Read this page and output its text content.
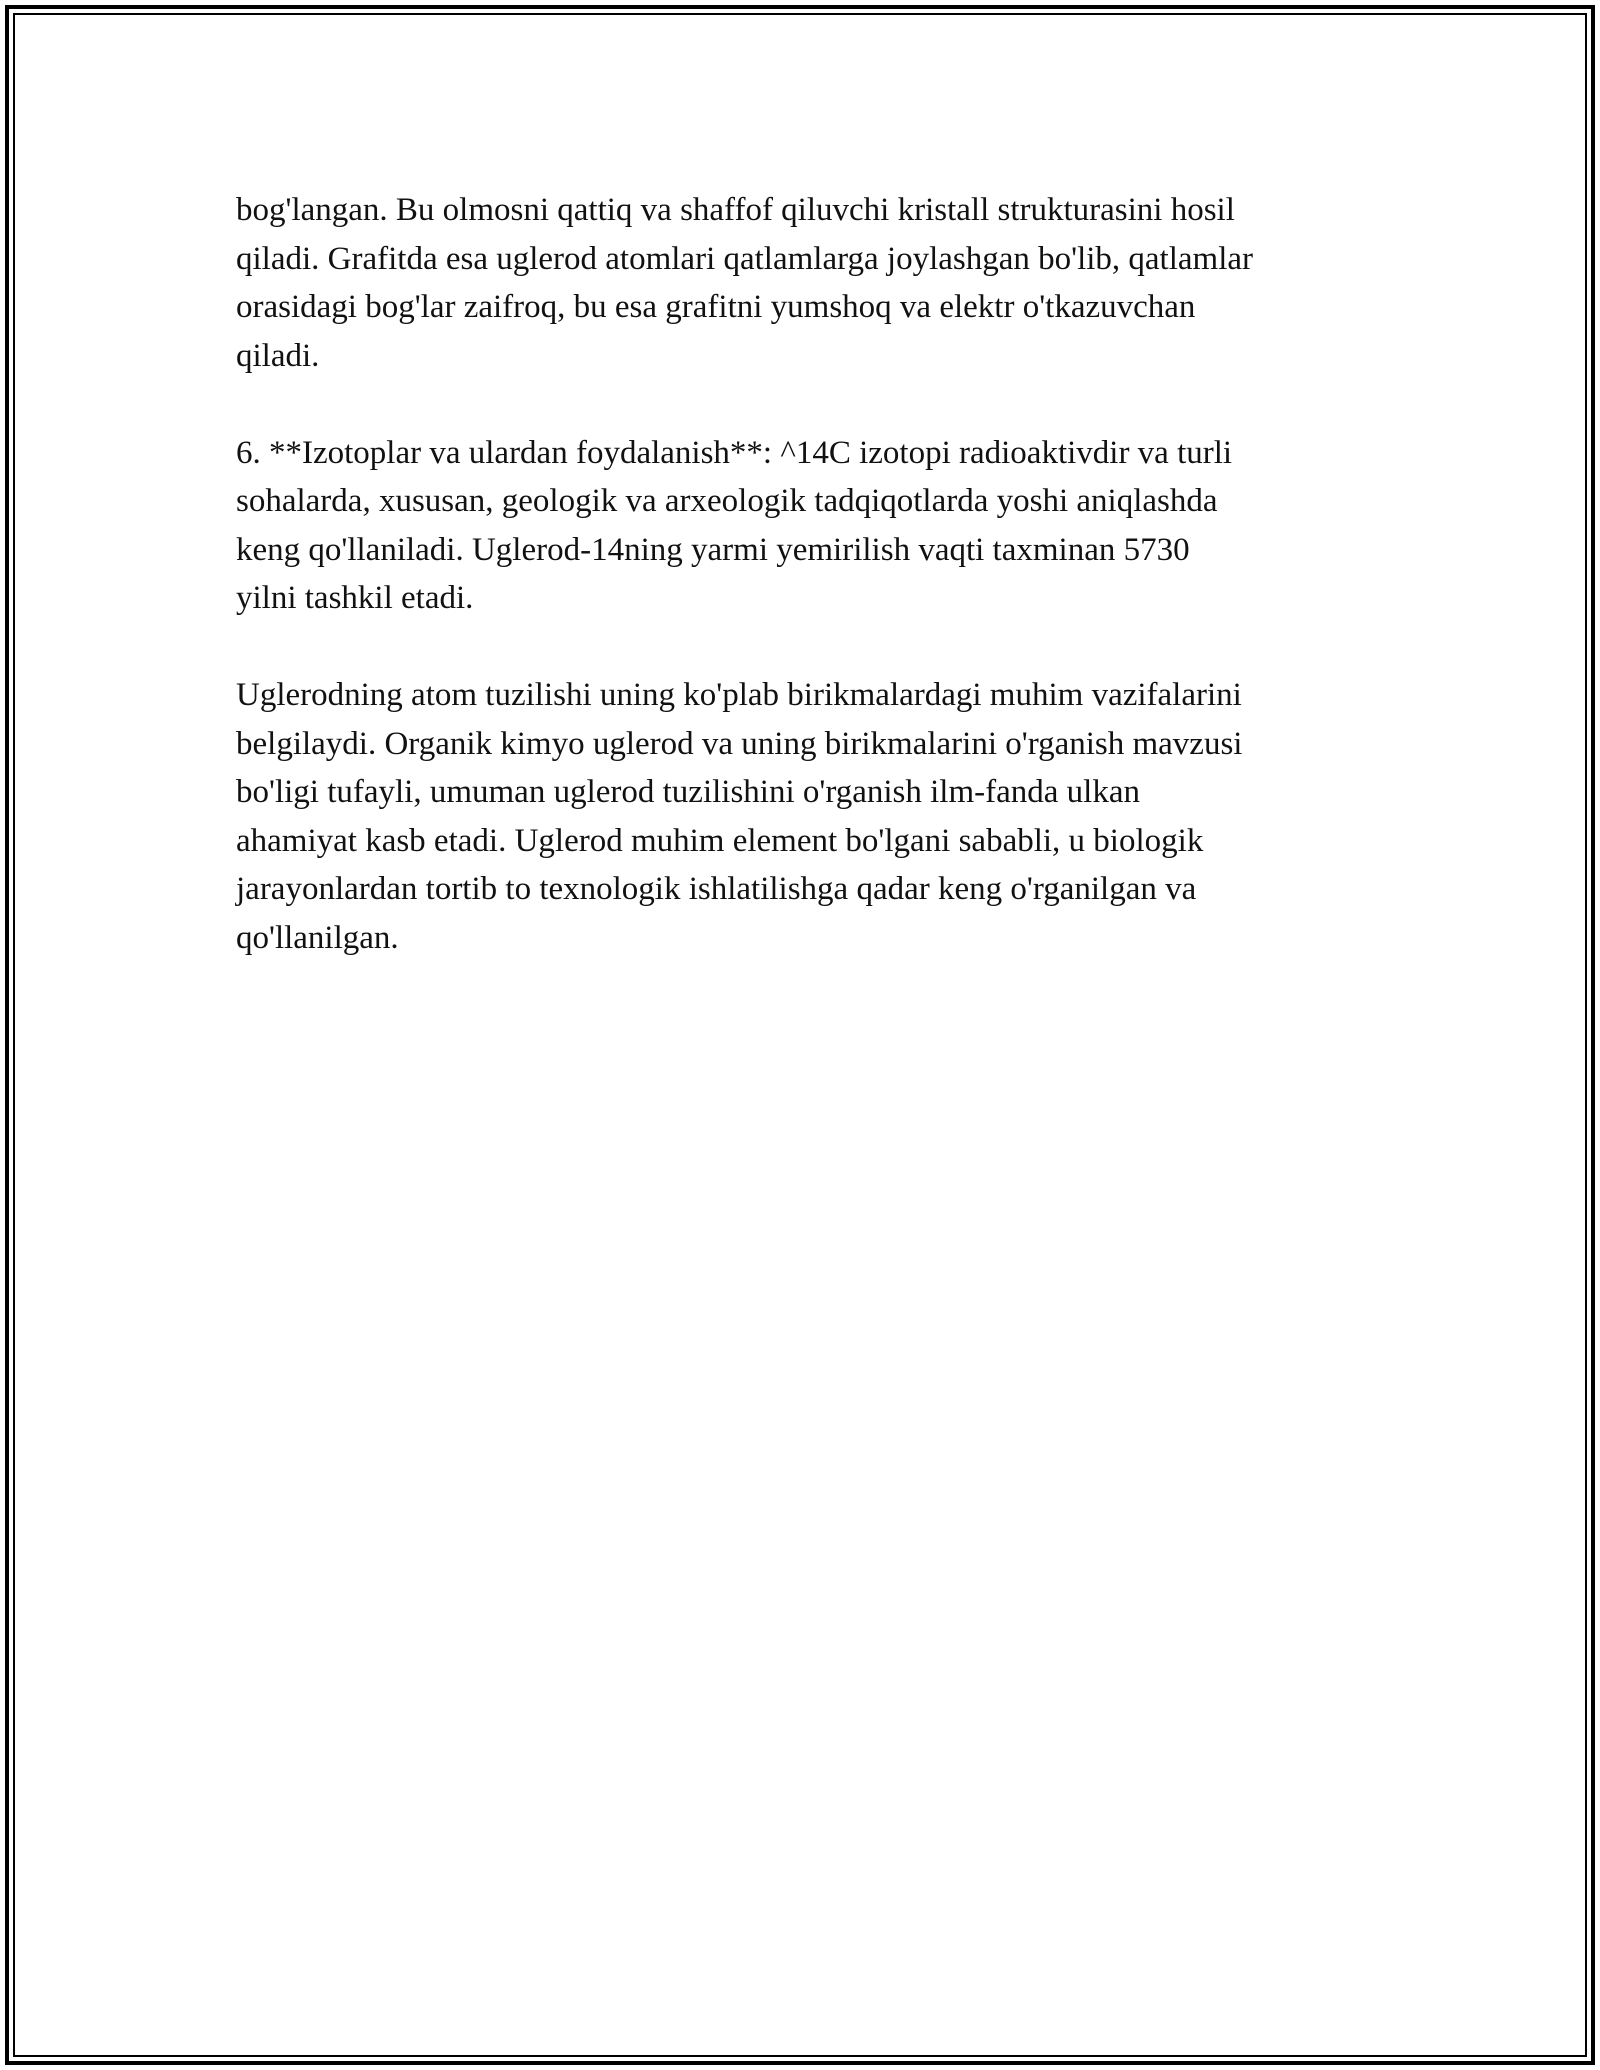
bog'langan. Bu olmosni qattiq va shaffof qiluvchi kristall strukturasini hosil
qiladi. Grafitda esa uglerod atomlari qatlamlarga joylashgan bo'lib, qatlamlar
orasidagi bog'lar zaifroq, bu esa grafitni yumshoq va elektr o'tkazuvchan
qiladi.

6. **Izotoplar va ulardan foydalanish**: ^14C izotopi radioaktivdir va turli
sohalarda, xususan, geologik va arxeologik tadqiqotlarda yoshi aniqlashda
keng qo'llaniladi. Uglerod-14ning yarmi yemirilish vaqti taxminan 5730
yilni tashkil etadi.

Uglerodning atom tuzilishi uning ko'plab birikmalardagi muhim vazifalarini
belgilaydi. Organik kimyo uglerod va uning birikmalarini o'rganish mavzusi
bo'ligi tufayli, umuman uglerod tuzilishini o'rganish ilm-fanda ulkan
ahamiyat kasb etadi. Uglerod muhim element bo'lgani sababli, u biologik
jarayonlardan tortib to texnologik ishlatilishga qadar keng o'rganilgan va
qo'llanilgan.
